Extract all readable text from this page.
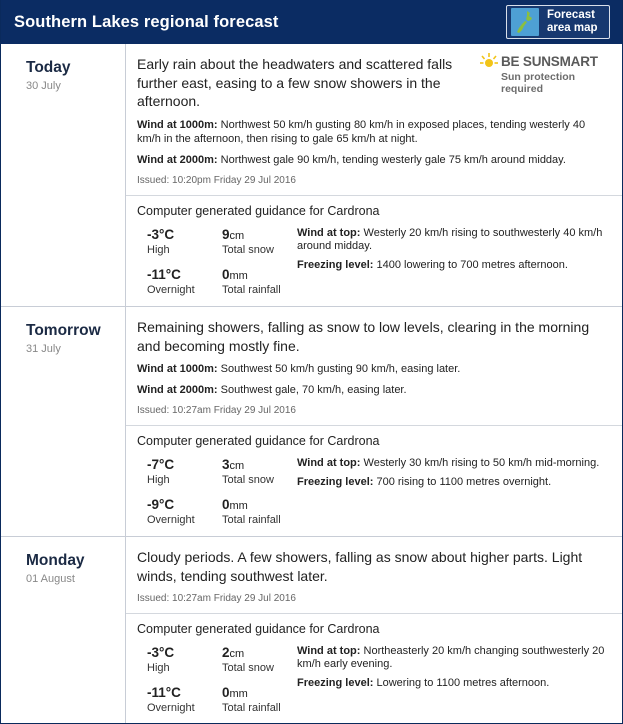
Southern Lakes regional forecast	Forecast
area map
Today
30 July
BE SUNSMART
Sun protection required
Early rain about the headwaters and scattered falls further east, easing to a few snow showers in the afternoon.
Wind at 1000m: Northwest 50 km/h gusting 80 km/h in exposed places, tending westerly 40 km/h in the afternoon, then rising to gale 65 km/h at night.
Wind at 2000m: Northwest gale 90 km/h, tending westerly gale 75 km/h around midday.
Issued: 10:20pm Friday 29 Jul 2016
Computer generated guidance for Cardrona
-3°C
High
9cm
Total snow
-11°C
Overnight
0mm
Total rainfall

Wind at top: Westerly 20 km/h rising to southwesterly 40 km/h around midday.

Freezing level: 1400 lowering to 700 metres afternoon.

Tomorrow
31 July
Remaining showers, falling as snow to low levels, clearing in the morning and becoming mostly fine.
Wind at 1000m: Southwest 50 km/h gusting 90 km/h, easing later.
Wind at 2000m: Southwest gale, 70 km/h, easing later.
Issued: 10:27am Friday 29 Jul 2016
Computer generated guidance for Cardrona
-7°C
High
3cm
Total snow
-9°C
Overnight
0mm
Total rainfall

Wind at top: Westerly 30 km/h rising to 50 km/h mid-morning.

Freezing level: 700 rising to 1100 metres overnight.

Monday
01 August
Cloudy periods. A few showers, falling as snow about higher parts. Light winds, tending southwest later.
Issued: 10:27am Friday 29 Jul 2016
Computer generated guidance for Cardrona
-3°C
High
2cm
Total snow
-11°C
Overnight
0mm
Total rainfall

Wind at top: Northeasterly 20 km/h changing southwesterly 20 km/h early evening.

Freezing level: Lowering to 1100 metres afternoon.
